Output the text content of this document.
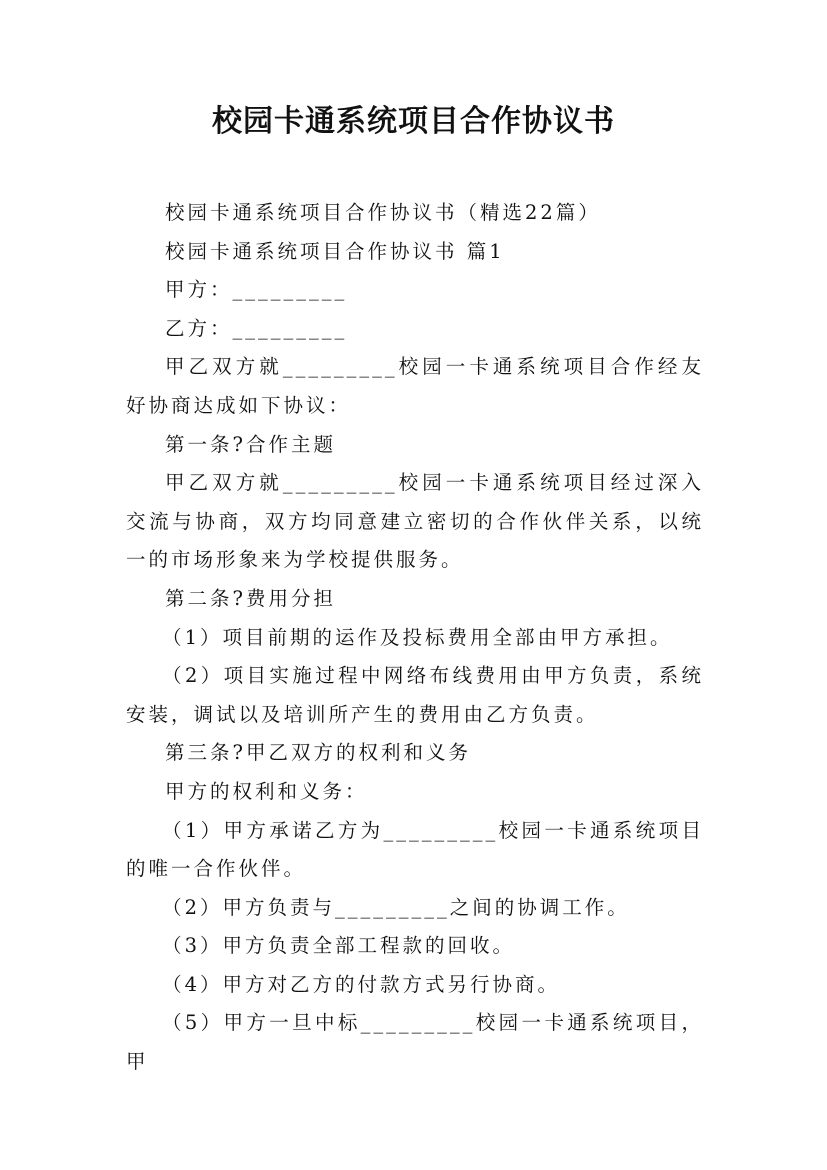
校园卡通系统项目合作协议书

校园卡通系统项目合作协议书（精选22篇）

校园卡通系统项目合作协议书 篇1

甲方：_________

乙方：_________

甲乙双方就_________校园一卡通系统项目合作经友好协商达成如下协议：

第一条?合作主题

甲乙双方就_________校园一卡通系统项目经过深入交流与协商，双方均同意建立密切的合作伙伴关系，以统一的市场形象来为学校提供服务。

第二条?费用分担

（1）项目前期的运作及投标费用全部由甲方承担。

（2）项目实施过程中网络布线费用由甲方负责，系统安装，调试以及培训所产生的费用由乙方负责。

第三条?甲乙双方的权利和义务

甲方的权利和义务：

（1）甲方承诺乙方为_________校园一卡通系统项目的唯一合作伙伴。

（2）甲方负责与_________之间的协调工作。

（3）甲方负责全部工程款的回收。

（4）甲方对乙方的付款方式另行协商。

（5）甲方一旦中标_________校园一卡通系统项目，甲
